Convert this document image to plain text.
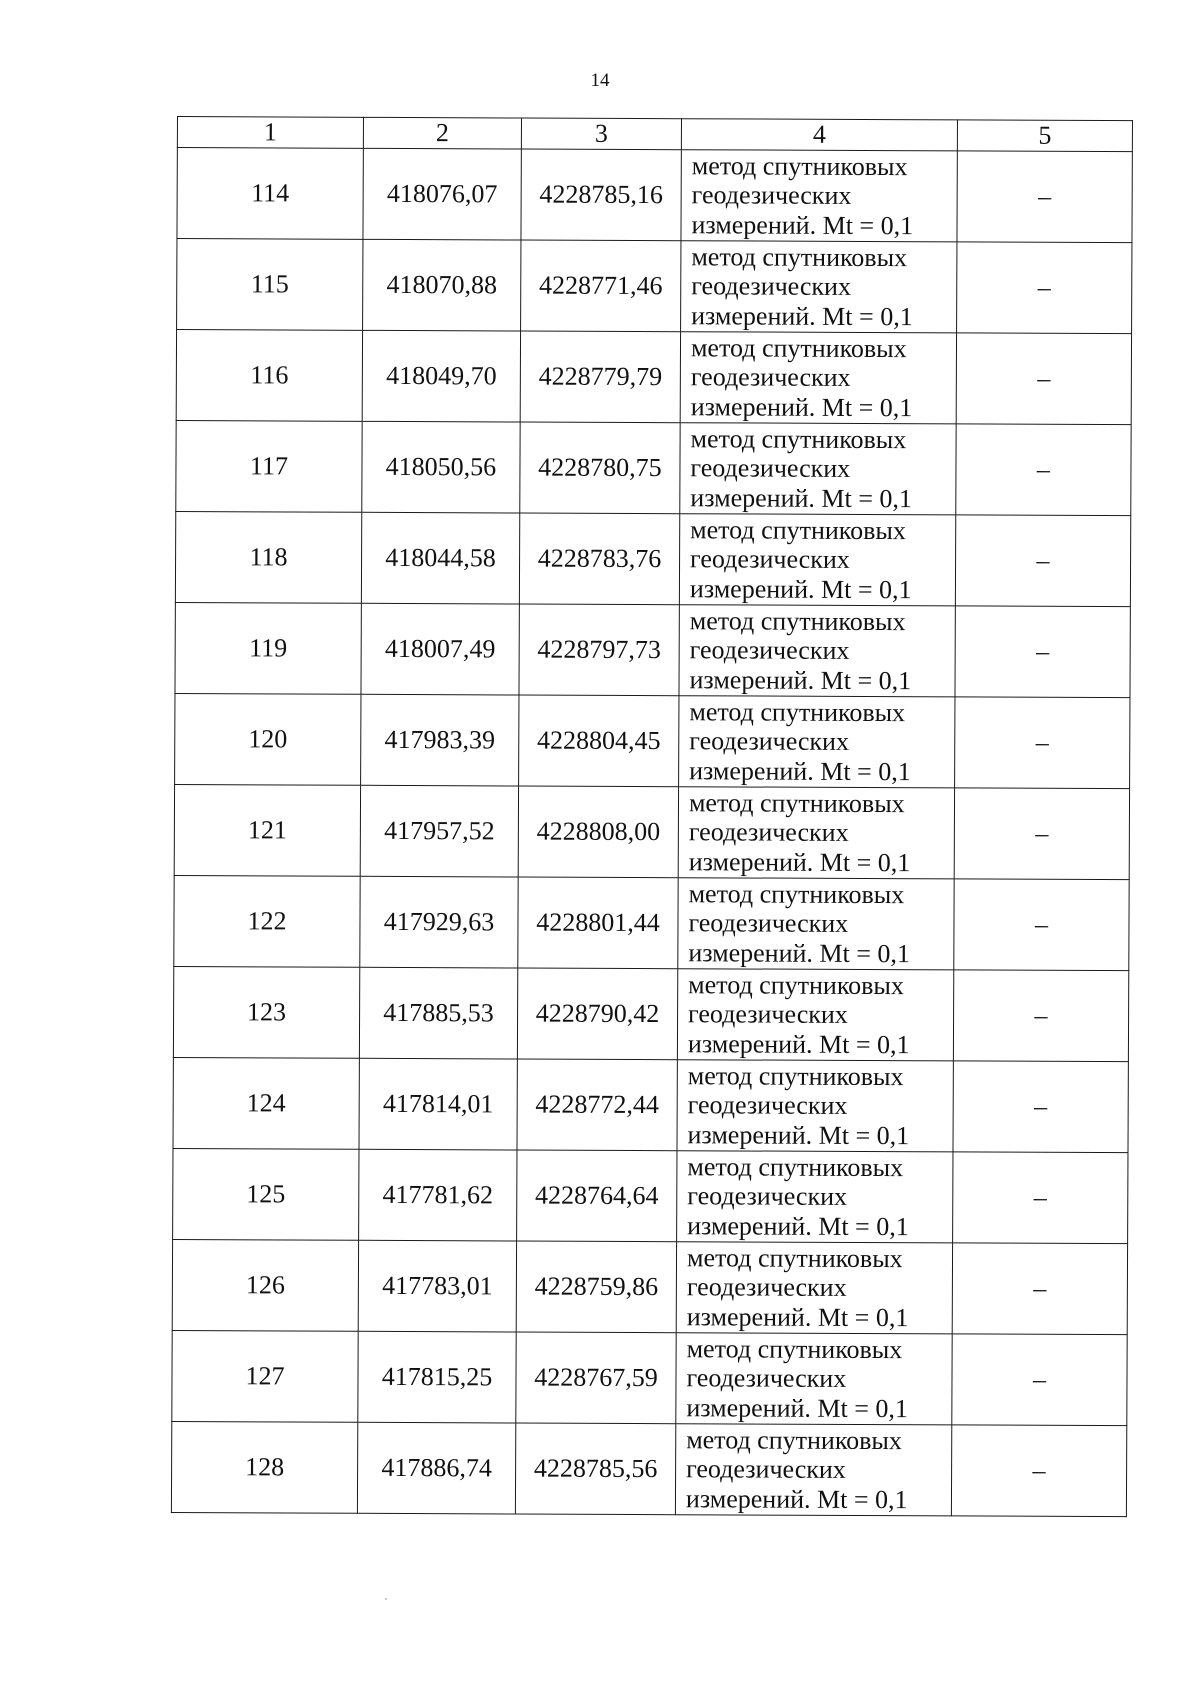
14
1	2	3	4	5
114	418076,07	4228785,16	метод спутниковых
геодезических
измерений. Mt = 0,1	–
115	418070,88	4228771,46	метод спутниковых
геодезических
измерений. Mt = 0,1	–
116	418049,70	4228779,79	метод спутниковых
геодезических
измерений. Mt = 0,1	–
117	418050,56	4228780,75	метод спутниковых
геодезических
измерений. Mt = 0,1	–
118	418044,58	4228783,76	метод спутниковых
геодезических
измерений. Mt = 0,1	–
119	418007,49	4228797,73	метод спутниковых
геодезических
измерений. Mt = 0,1	–
120	417983,39	4228804,45	метод спутниковых
геодезических
измерений. Mt = 0,1	–
121	417957,52	4228808,00	метод спутниковых
геодезических
измерений. Mt = 0,1	–
122	417929,63	4228801,44	метод спутниковых
геодезических
измерений. Mt = 0,1	–
123	417885,53	4228790,42	метод спутниковых
геодезических
измерений. Mt = 0,1	–
124	417814,01	4228772,44	метод спутниковых
геодезических
измерений. Mt = 0,1	–
125	417781,62	4228764,64	метод спутниковых
геодезических
измерений. Mt = 0,1	–
126	417783,01	4228759,86	метод спутниковых
геодезических
измерений. Mt = 0,1	–
127	417815,25	4228767,59	метод спутниковых
геодезических
измерений. Mt = 0,1	–
128	417886,74	4228785,56	метод спутниковых
геодезических
измерений. Mt = 0,1	–
